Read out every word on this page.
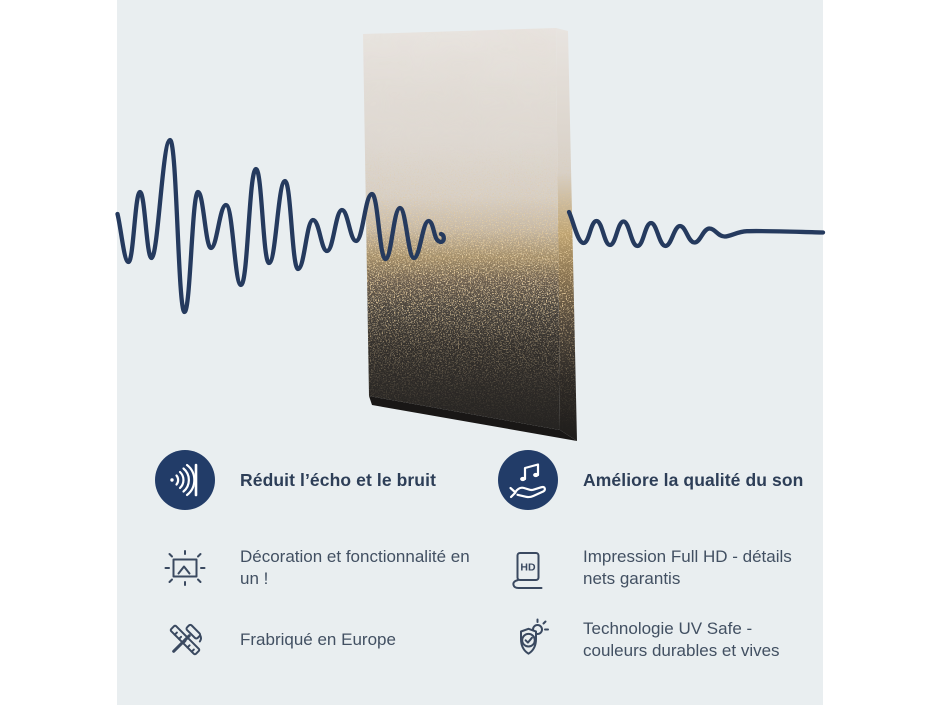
Réduit l’écho et le bruit	Améliore la qualité du son
Décoration et fonctionnalité en un !
HD
Impression Full HD - détails nets garantis
Frabriqué en Europe
Technologie UV Safe - couleurs durables et vives
